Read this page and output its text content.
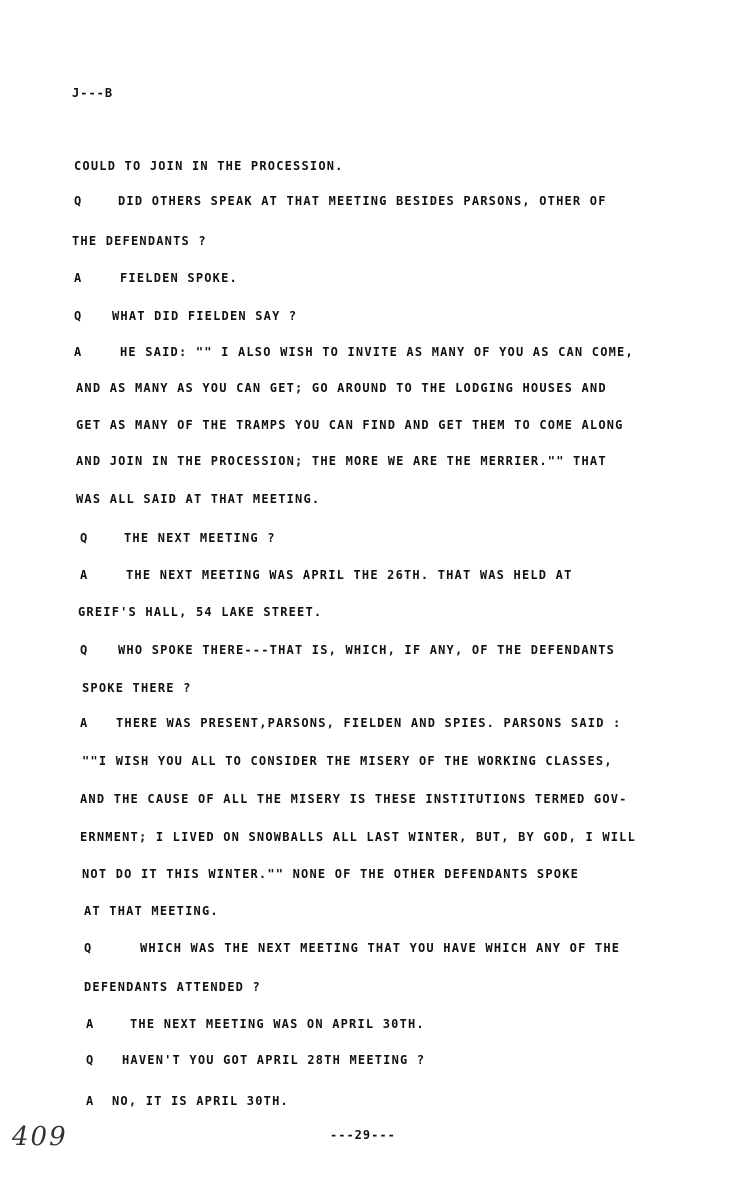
J---B
COULD TO JOIN IN THE PROCESSION.
Q	DID OTHERS SPEAK AT THAT MEETING BESIDES PARSONS, OTHER OF
THE DEFENDANTS ?
A	FIELDEN SPOKE.
Q WHAT DID FIELDEN SAY ?
A	HE SAID: "" I ALSO WISH TO INVITE AS MANY OF YOU AS CAN COME,
AND AS MANY AS YOU CAN GET; GO AROUND TO THE LODGING HOUSES AND
GET AS MANY OF THE TRAMPS YOU CAN FIND AND GET THEM TO COME ALONG
AND JOIN IN THE PROCESSION; THE MORE WE ARE THE MERRIER."" THAT
WAS ALL SAID AT THAT MEETING.
Q	THE NEXT MEETING ?
A	THE NEXT MEETING WAS APRIL THE 26TH. THAT WAS HELD AT
GREIF'S HALL, 54 LAKE STREET.
Q WHO SPOKE THERE---THAT IS, WHICH, IF ANY, OF THE DEFENDANTS
SPOKE THERE ?
A THERE WAS PRESENT,PARSONS, FIELDEN AND SPIES. PARSONS SAID :
""I WISH YOU ALL TO CONSIDER THE MISERY OF THE WORKING CLASSES,
AND THE CAUSE OF ALL THE MISERY IS THESE INSTITUTIONS TERMED GOV-
ERNMENT; I LIVED ON SNOWBALLS ALL LAST WINTER, BUT, BY GOD, I WILL
NOT DO IT THIS WINTER."" NONE OF THE OTHER DEFENDANTS SPOKE
AT THAT MEETING.
Q	WHICH WAS THE NEXT MEETING THAT YOU HAVE WHICH ANY OF THE
DEFENDANTS ATTENDED ?
A	THE NEXT MEETING WAS ON APRIL 30TH.
Q HAVEN'T YOU GOT APRIL 28TH MEETING ?
A NO, IT IS APRIL 30TH.
409	---29---
